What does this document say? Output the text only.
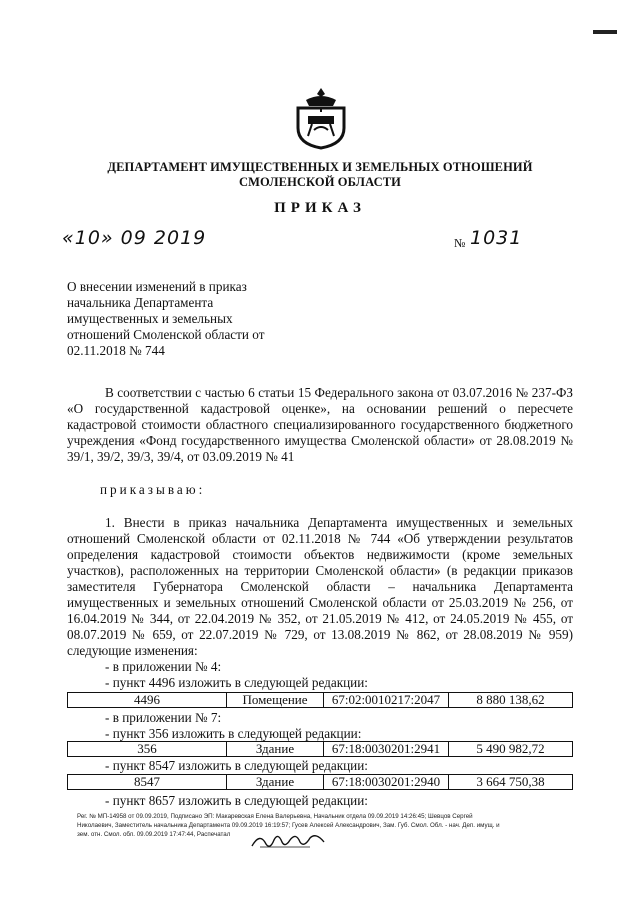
ДЕПАРТАМЕНТ ИМУЩЕСТВЕННЫХ И ЗЕМЕЛЬНЫХ ОТНОШЕНИЙ
СМОЛЕНСКОЙ ОБЛАСТИ
ПРИКАЗ
«10» 09 2019	№ 1031
О внесении изменений в приказ начальника Департамента имущественных и земельных отношений Смоленской области от 02.11.2018 № 744
В соответствии с частью 6 статьи 15 Федерального закона от 03.07.2016 № 237-ФЗ «О государственной кадастровой оценке», на основании решений о пересчете кадастровой стоимости областного специализированного государственного бюджетного учреждения «Фонд государственного имущества Смоленской области» от 28.08.2019 № 39/1, 39/2, 39/3, 39/4, от 03.09.2019 № 41
приказываю:
1. Внести в приказ начальника Департамента имущественных и земельных отношений Смоленской области от 02.11.2018 № 744 «Об утверждении результатов определения кадастровой стоимости объектов недвижимости (кроме земельных участков), расположенных на территории Смоленской области» (в редакции приказов заместителя Губернатора Смоленской области – начальника Департамента имущественных и земельных отношений Смоленской области от 25.03.2019 № 256, от 16.04.2019 № 344, от 22.04.2019 № 352, от 21.05.2019 № 412, от 24.05.2019 № 455, от 08.07.2019 № 659, от 22.07.2019 № 729, от 13.08.2019 № 862, от 28.08.2019 № 959) следующие изменения:
- в приложении № 4:
- пункт 4496 изложить в следующей редакции:
4496	Помещение	67:02:0010217:2047	8 880 138,62
- в приложении № 7:
- пункт 356 изложить в следующей редакции:
356	Здание	67:18:0030201:2941	5 490 982,72
- пункт 8547 изложить в следующей редакции:
8547	Здание	67:18:0030201:2940	3 664 750,38
- пункт 8657 изложить в следующей редакции:
Рег. № МП-14958 от 09.09.2019, Подписано ЭП: Макаревская Елена Валерьевна, Начальник отдела 09.09.2019 14:26:45; Шевцов Сергей
Николаевич, Заместитель начальника Департамента 09.09.2019 16:19:57; Гусев Алексей Александрович, Зам. Губ. Смол. Обл. - нач. Деп. имущ. и
зем. отн. Смол. обл. 09.09.2019 17:47:44, Распечатал
